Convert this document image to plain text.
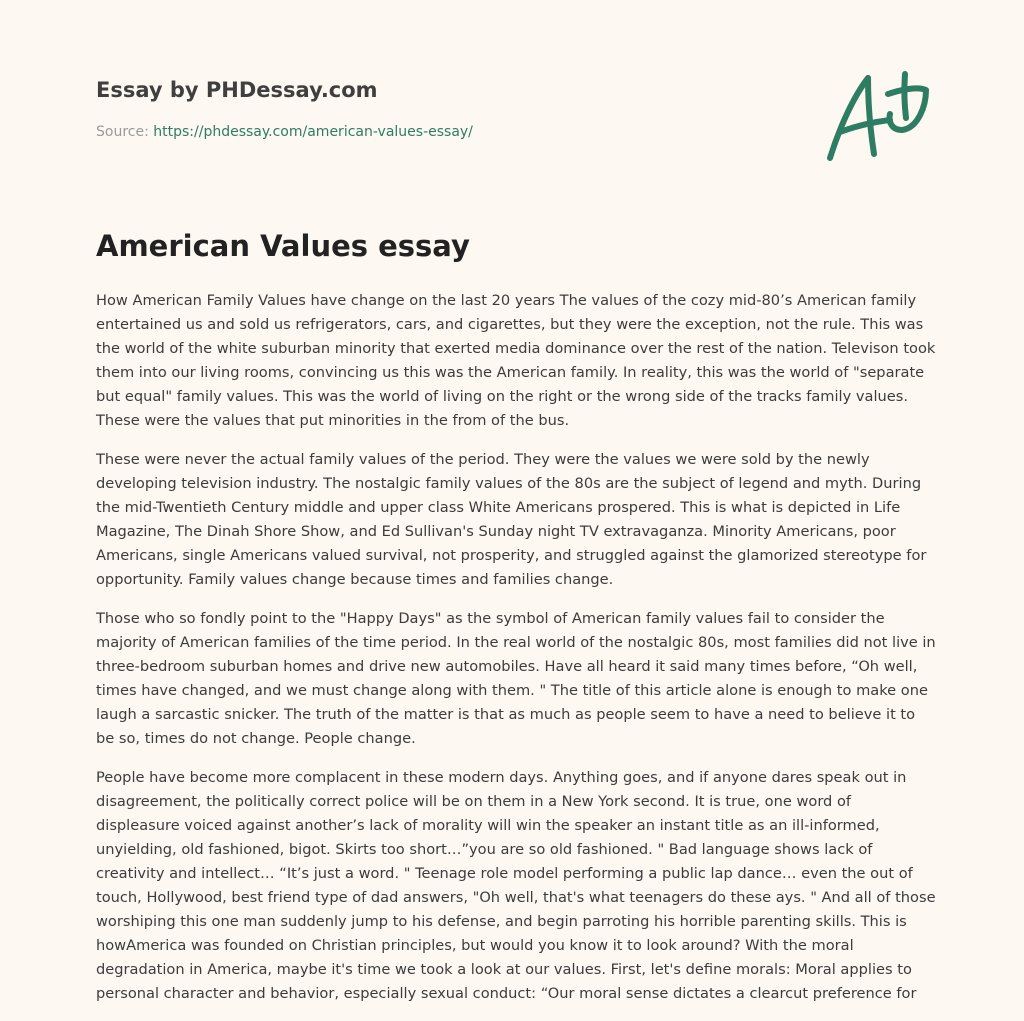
Essay by PHDessay.com
Source: https://phdessay.com/american-values-essay/
American Values essay

How American Family Values have change on the last 20 years The values of the cozy mid-80’s American family entertained us and sold us refrigerators, cars, and cigarettes, but they were the exception, not the rule. This was the world of the white suburban minority that exerted media dominance over the rest of the nation. Televison took them into our living rooms, convincing us this was the American family. In reality, this was the world of "separate but equal" family values. This was the world of living on the right or the wrong side of the tracks family values. These were the values that put minorities in the from of the bus.

These were never the actual family values of the period. They were the values we were sold by the newly developing television industry. The nostalgic family values of the 80s are the subject of legend and myth. During the mid-Twentieth Century middle and upper class White Americans prospered. This is what is depicted in Life Magazine, The Dinah Shore Show, and Ed Sullivan's Sunday night TV extravaganza. Minority Americans, poor Americans, single Americans valued survival, not prosperity, and struggled against the glamorized stereotype for opportunity. Family values change because times and families change.

Those who so fondly point to the "Happy Days" as the symbol of American family values fail to consider the majority of American families of the time period. In the real world of the nostalgic 80s, most families did not live in three-bedroom suburban homes and drive new automobiles. Have all heard it said many times before, “Oh well, times have changed, and we must change along with them. " The title of this article alone is enough to make one laugh a sarcastic snicker. The truth of the matter is that as much as people seem to have a need to believe it to be so, times do not change. People change.

People have become more complacent in these modern days. Anything goes, and if anyone dares speak out in disagreement, the politically correct police will be on them in a New York second. It is true, one word of displeasure voiced against another’s lack of morality will win the speaker an instant title as an ill-informed, unyielding, old fashioned, bigot. Skirts too short…”you are so old fashioned. " Bad language shows lack of creativity and intellect… “It’s just a word. " Teenage role model performing a public lap dance… even the out of touch, Hollywood, best friend type of dad answers, "Oh well, that's what teenagers do these ays. " And all of those worshiping this one man suddenly jump to his defense, and begin parroting his horrible parenting skills. This is howAmerica was founded on Christian principles, but would you know it to look around? With the moral degradation in America, maybe it's time we took a look at our values. First, let's define morals: Moral applies to personal character and behavior, especially sexual conduct: “Our moral sense dictates a clearcut preference for
